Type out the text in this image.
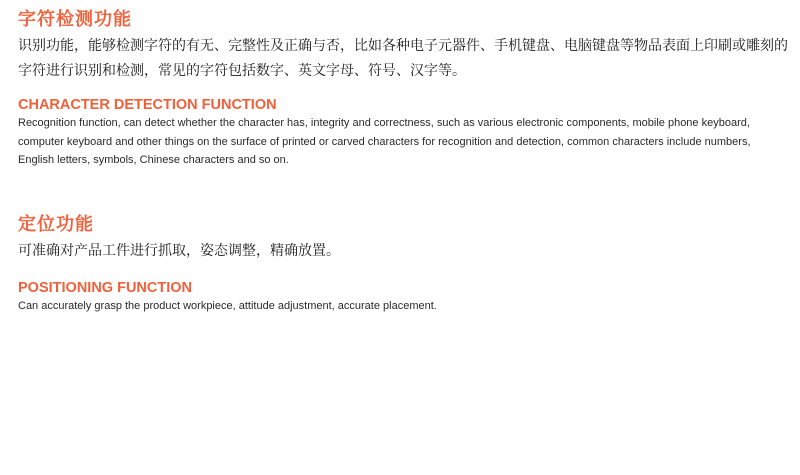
字符检测功能

识别功能，能够检测字符的有无、完整性及正确与否，比如各种电子元器件、手机键盘、电脑键盘等物品表面上印刷或雕刻的字符进行识别和检测，常见的字符包括数字、英文字母、符号、汉字等。

CHARACTER DETECTION FUNCTION

Recognition function, can detect whether the character has, integrity and correctness, such as various electronic components, mobile phone keyboard, computer keyboard and other things on the surface of printed or carved characters for recognition and detection, common characters include numbers, English letters, symbols, Chinese characters and so on.

定位功能

可准确对产品工件进行抓取，姿态调整，精确放置。

POSITIONING FUNCTION

Can accurately grasp the product workpiece, attitude adjustment, accurate placement.
